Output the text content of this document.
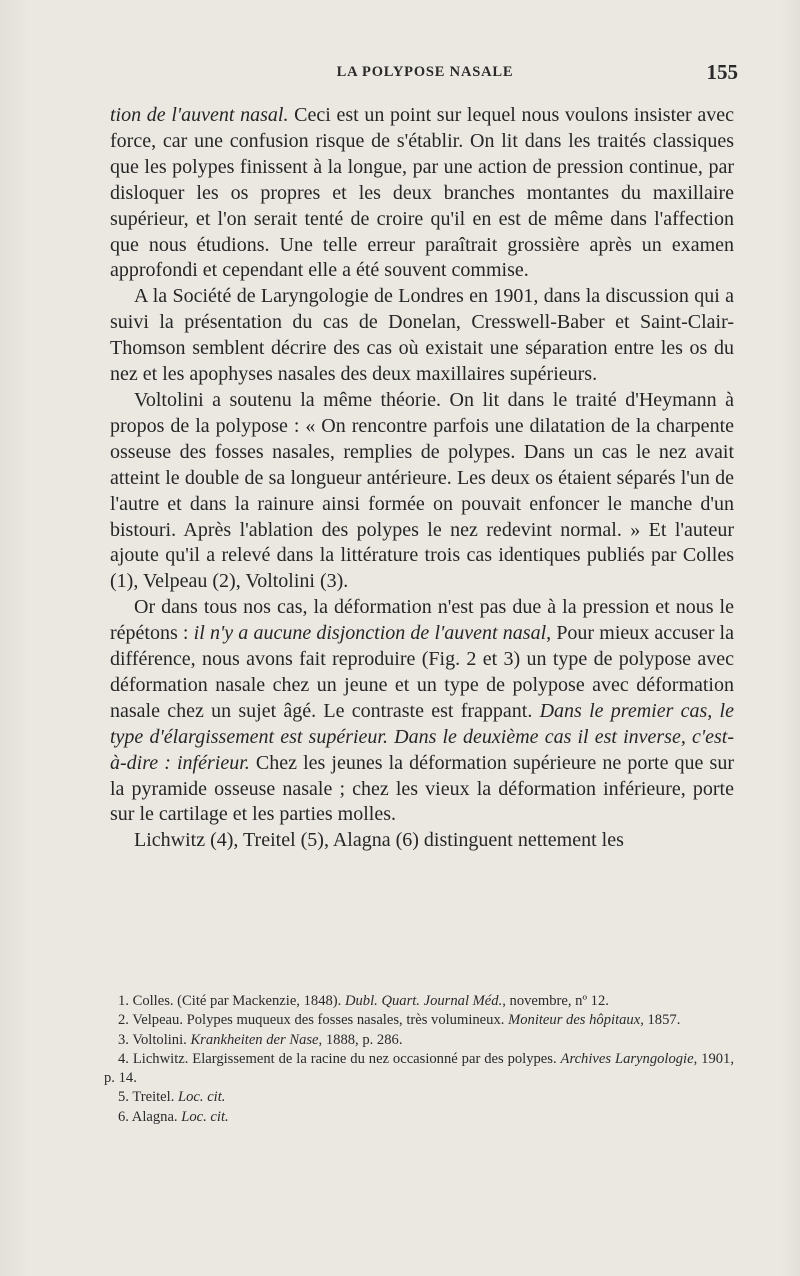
LA POLYPOSE NASALE	155

tion de l'auvent nasal. Ceci est un point sur lequel nous voulons insister avec force, car une confusion risque de s'établir. On lit dans les traités classiques que les polypes finissent à la longue, par une action de pression continue, par disloquer les os propres et les deux branches montantes du maxillaire supérieur, et l'on serait tenté de croire qu'il en est de même dans l'affection que nous étudions. Une telle erreur paraîtrait grossière après un examen approfondi et cependant elle a été souvent commise.

A la Société de Laryngologie de Londres en 1901, dans la discussion qui a suivi la présentation du cas de Donelan, Cresswell-Baber et Saint-Clair-Thomson semblent décrire des cas où existait une séparation entre les os du nez et les apophyses nasales des deux maxillaires supérieurs.

Voltolini a soutenu la même théorie. On lit dans le traité d'Heymann à propos de la polypose : « On rencontre parfois une dilatation de la charpente osseuse des fosses nasales, remplies de polypes. Dans un cas le nez avait atteint le double de sa longueur antérieure. Les deux os étaient séparés l'un de l'autre et dans la rainure ainsi formée on pouvait enfoncer le manche d'un bistouri. Après l'ablation des polypes le nez redevint normal. » Et l'auteur ajoute qu'il a relevé dans la littérature trois cas identiques publiés par Colles (1), Velpeau (2), Voltolini (3).

Or dans tous nos cas, la déformation n'est pas due à la pression et nous le répétons : il n'y a aucune disjonction de l'auvent nasal, Pour mieux accuser la différence, nous avons fait reproduire (Fig. 2 et 3) un type de polypose avec déformation nasale chez un jeune et un type de polypose avec déformation nasale chez un sujet âgé. Le contraste est frappant. Dans le premier cas, le type d'élargissement est supérieur. Dans le deuxième cas il est inverse, c'est-à-dire : inférieur. Chez les jeunes la déformation supérieure ne porte que sur la pyramide osseuse nasale ; chez les vieux la déformation inférieure, porte sur le cartilage et les parties molles.

Lichwitz (4), Treitel (5), Alagna (6) distinguent nettement les

1. Colles. (Cité par Mackenzie, 1848). Dubl. Quart. Journal Méd., novembre, nº 12.

2. Velpeau. Polypes muqueux des fosses nasales, très volumineux. Moniteur des hôpitaux, 1857.

3. Voltolini. Krankheiten der Nase, 1888, p. 286.

4. Lichwitz. Elargissement de la racine du nez occasionné par des polypes. Archives Laryngologie, 1901, p. 14.

5. Treitel. Loc. cit.

6. Alagna. Loc. cit.
